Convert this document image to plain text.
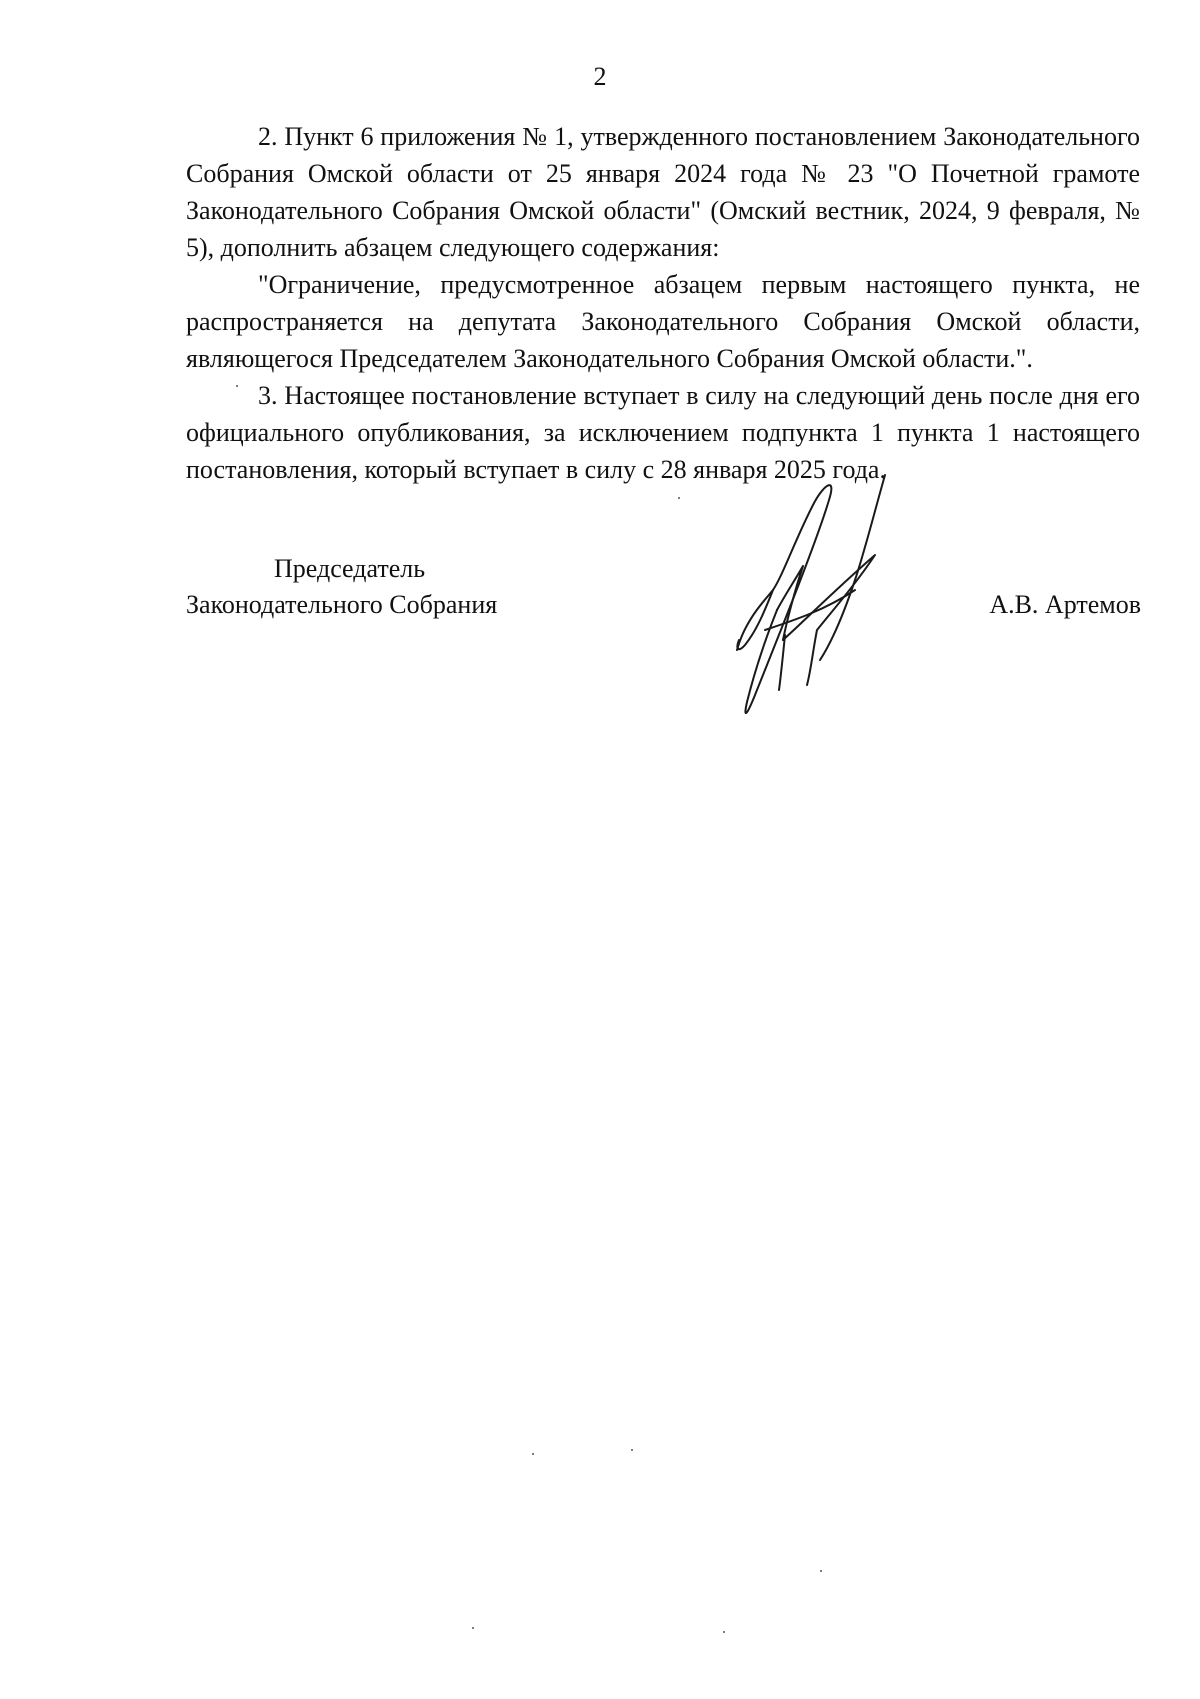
2

2. Пункт 6 приложения № 1, утвержденного постановлением Законодательного Собрания Омской области от 25 января 2024 года № 23 "О Почетной грамоте Законодательного Собрания Омской области" (Омский вестник, 2024, 9 февраля, № 5), дополнить абзацем следующего содержания:

"Ограничение, предусмотренное абзацем первым настоящего пункта, не распространяется на депутата Законодательного Собрания Омской области, являющегося Председателем Законодательного Собрания Омской области.".

3. Настоящее постановление вступает в силу на следующий день после дня его официального опубликования, за исключением подпункта 1 пункта 1 настоящего постановления, который вступает в силу с 28 января 2025 года.

Председатель
Законодательного Собрания	А.В. Артемов
